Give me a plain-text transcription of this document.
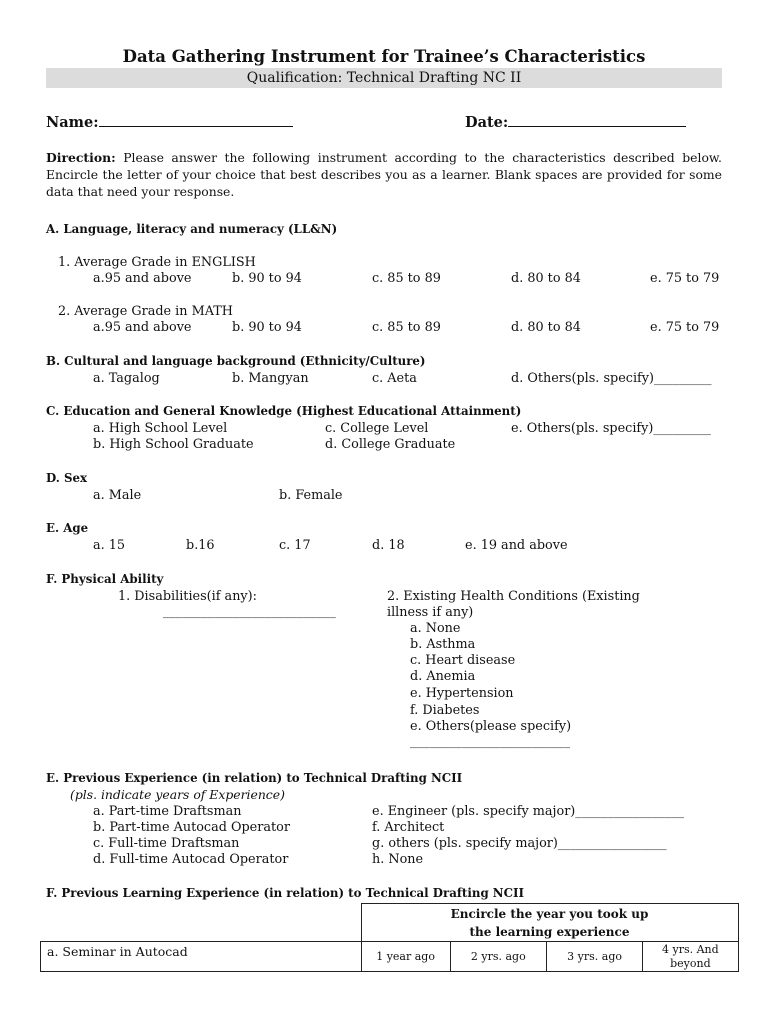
Data Gathering Instrument for Trainee’s Characteristics
Qualification: Technical Drafting NC II
Name:	Date:
Direction: Please answer the following instrument according to the characteristics described below. Encircle the letter of your choice that best describes you as a learner. Blank spaces are provided for some data that need your response.
A. Language, literacy and numeracy (LL&N)
1. Average Grade in ENGLISH
a.95 and above	b. 90 to 94	c. 85 to 89	d. 80 to 84	e. 75 to 79
2. Average Grade in MATH
a.95 and above	b. 90 to 94	c. 85 to 89	d. 80 to 84	e. 75 to 79
B. Cultural and language background (Ethnicity/Culture)
a. Tagalog	b. Mangyan	c. Aeta	d. Others(pls. specify)_________
C. Education and General Knowledge (Highest Educational Attainment)
a. High School Level	c. College Level	e. Others(pls. specify)_________
b. High School Graduate	d. College Graduate
D. Sex
a. Male	b. Female
E. Age
a. 15	b.16	c. 17	d. 18	e. 19 and above
F. Physical Ability
1. Disabilities(if any):
___________________________
2. Existing Health Conditions (Existing
illness if any)
a. None
b. Asthma
c. Heart disease
d. Anemia
e. Hypertension
f. Diabetes
e. Others(please specify)
_________________________
E. Previous Experience (in relation) to Technical Drafting NCII
(pls. indicate years of Experience)
a. Part-time Draftsman
b. Part-time Autocad Operator
c. Full-time Draftsman
d. Full-time Autocad Operator
e. Engineer (pls. specify major)_________________
f. Architect
g. others (pls. specify major)_________________
h. None
F. Previous Learning Experience (in relation) to Technical Drafting NCII

	Encircle the year you took up
the learning experience			

a. Seminar in Autocad	1 year ago	2 yrs. ago	3 yrs. ago	4 yrs. And
beyond
